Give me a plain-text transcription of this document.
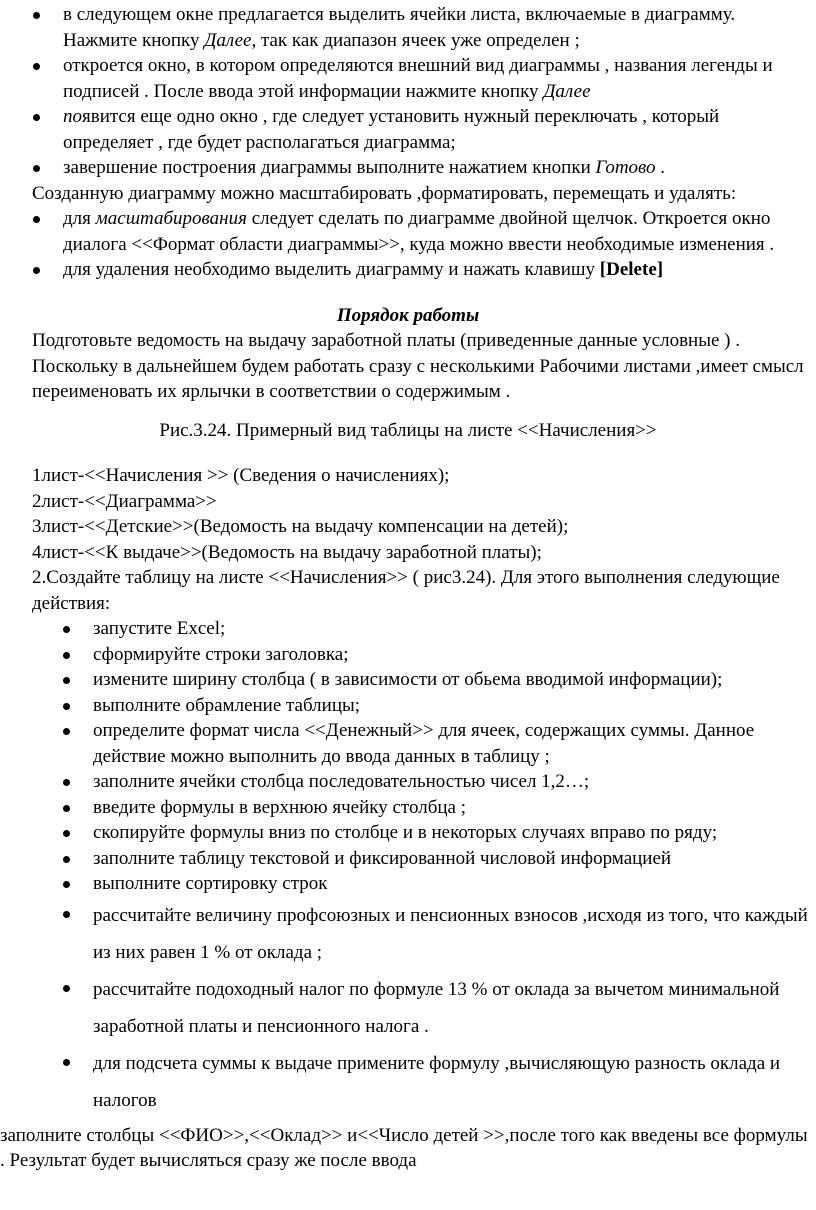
в следующем окне предлагается выделить ячейки листа, включаемые в диаграмму. Нажмите кнопку Далее, так как диапазон ячеек уже определен ;
откроется окно, в котором определяются внешний вид диаграммы , названия легенды и подписей . После ввода этой информации нажмите кнопку Далее
появится еще одно окно , где следует установить нужный переключать , который определяет , где будет располагаться диаграмма;
завершение построения диаграммы выполните нажатием кнопки Готово .

Созданную диаграмму можно масштабировать ,форматировать, перемещать и удалять:

для масштабирования следует сделать по диаграмме двойной щелчок. Откроется окно диалога <<Формат области диаграммы>>, куда можно ввести необходимые изменения .
для удаления необходимо выделить диаграмму и нажать клавишу [Delete]

Порядок работы

Подготовьте ведомость на выдачу заработной платы (приведенные данные условные ) . Поскольку в дальнейшем будем работать сразу с несколькими Рабочими листами ,имеет смысл переименовать их ярлычки в соответствии о содержимым .

Рис.3.24. Примерный вид таблицы на листе <<Начисления>>

1лист-<<Начисления >> (Сведения о начислениях);

2лист-<<Диаграмма>>

3лист-<<Детские>>(Ведомость на выдачу компенсации на детей);

4лист-<<К выдаче>>(Ведомость на выдачу заработной платы);

2.Создайте таблицу на листе <<Начисления>> ( рис3.24). Для этого выполнения следующие действия:

запустите Excel;
сформируйте строки заголовка;
измените ширину столбца ( в зависимости от обьема вводимой информации);
выполните обрамление таблицы;
определите формат числа <<Денежный>> для ячеек, содержащих суммы. Данное действие можно выполнить до ввода данных в таблицу ;
заполните ячейки столбца последовательностью чисел 1,2…;
введите формулы в верхнюю ячейку столбца ;
скопируйте формулы вниз по столбце и в некоторых случаях вправо по ряду;
заполните таблицу текстовой и фиксированной числовой информацией
выполните сортировку строк
рассчитайте величину профсоюзных и пенсионных взносов ,исходя из того, что каждый из них равен 1 % от оклада ;
рассчитайте подоходный налог по формуле 13 % от оклада за вычетом минимальной заработной платы и пенсионного налога .
для подсчета суммы к выдаче примените формулу ,вычисляющую разность оклада и налогов

заполните столбцы <<ФИО>>,<<Оклад>> и<<Число детей >>,после того как введены все формулы . Результат будет вычисляться сразу же после ввода
